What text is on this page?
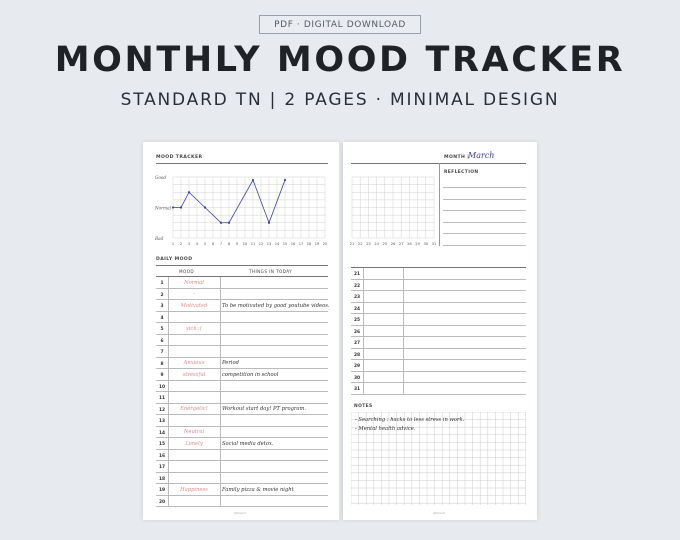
PDF · DIGITAL DOWNLOAD
MONTHLY MOOD TRACKER
STANDARD TN | 2 PAGES · MINIMAL DESIGN
MOOD TRACKER
Bad
Normal
Good
1 2 3 4 5 6 7 8 9 10 11 12 13 14 15 16 17 18 19 20
DAILY MOOD
MOOD	THINGS IN TODAY
1	Normal
2	-
3	Motivated	To be motivated by good youtube videos.
4
5	sick :(
6
7
8	Anxious	Period
9	stressful	competition in school
10
11
12	Energetic!	Workout start day! PT program.
13
14	Neutral
15	Lonely	Social media detox.
16
17
18
19	Happiness	Family pizza & movie night
20
@brand
MONTH |
March
21 22 23 24 25 26 27 28 29 30 31
REFLECTION
21
22
23
24
25
26
27
28
29
30
31
NOTES
- Searching : hacks to less stress in work.
- Mental health advice.
@brand
